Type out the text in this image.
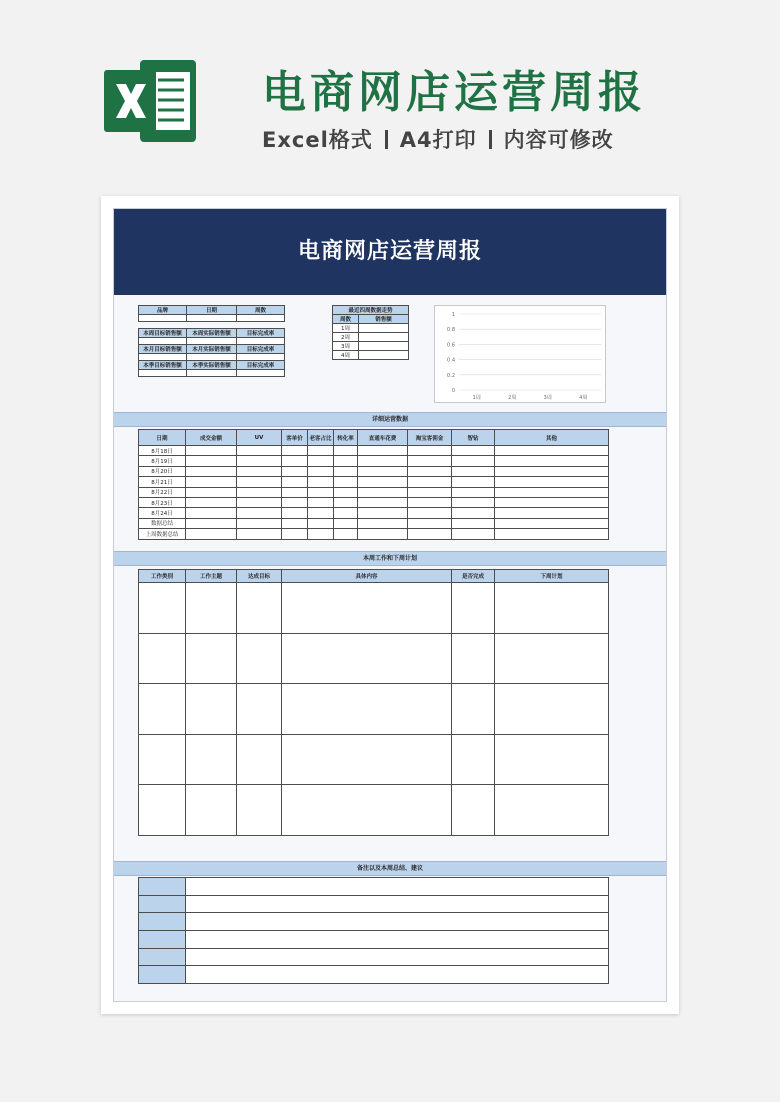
电商网店运营周报
Excel格式 A4打印 内容可修改
电商网店运营周报
品牌	日期	周数

本周目标销售额	本周实际销售额	目标完成率

本月目标销售额	本月实际销售额	目标完成率

本季目标销售额	本季实际销售额	目标完成率

最近四周数据走势	
周数	销售额
1周	
2周	
3周	
4周	
0
0.2
0.4
0.6
0.8
1
1周	2周	3周	4周
详细运营数据
日期	成交金额	UV	客单价	老客占比	转化率	直通车花费	淘宝客佣金	智钻	其他
8月18日									
8月19日									
8月20日									
8月21日									
8月22日									
8月23日									
8月24日									
数据总结									
上周数据总结									
本周工作和下周计划
工作类别	工作主题	达成目标	具体内容	是否完成	下周计划

备注以及本周总结、建议
